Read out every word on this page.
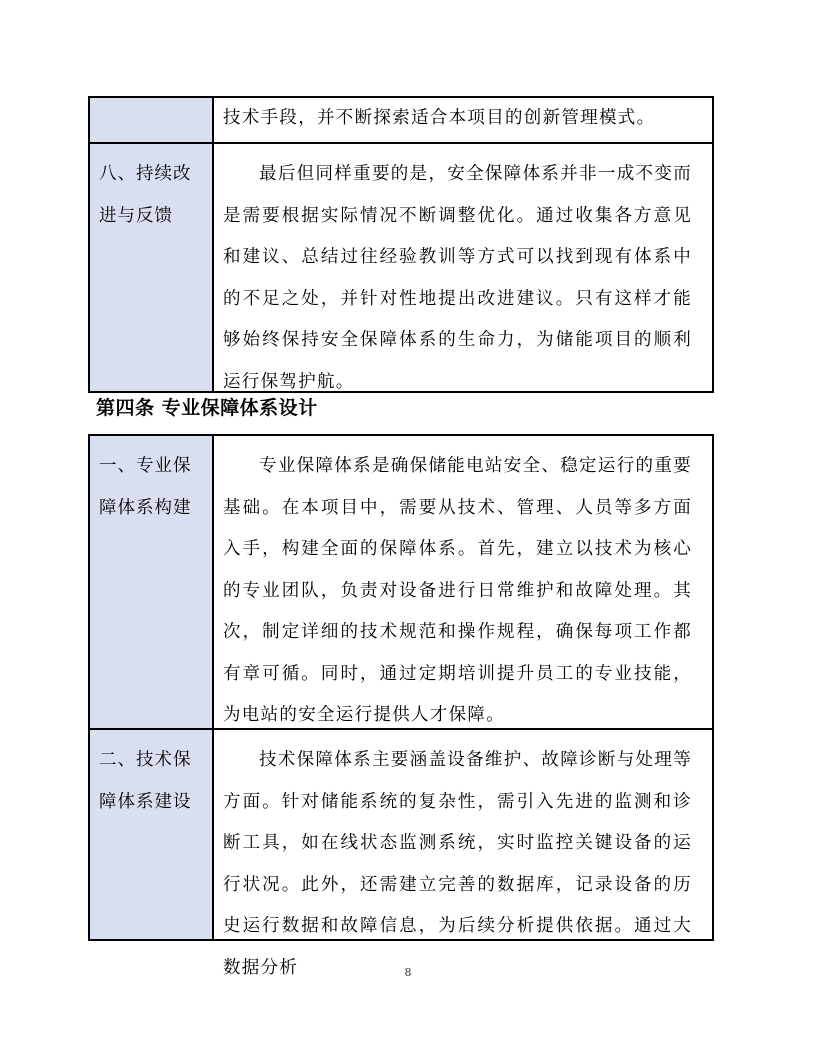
技术手段，并不断探索适合本项目的创新管理模式。
八、持续改
进与反馈
最后但同样重要的是，安全保障体系并非一成不变而是需要根据实际情况不断调整优化。通过收集各方意见和建议、总结过往经验教训等方式可以找到现有体系中的不足之处，并针对性地提出改进建议。只有这样才能够始终保持安全保障体系的生命力，为储能项目的顺利运行保驾护航。
第四条 专业保障体系设计
一、专业保
障体系构建
专业保障体系是确保储能电站安全、稳定运行的重要基础。在本项目中，需要从技术、管理、人员等多方面入手，构建全面的保障体系。首先，建立以技术为核心的专业团队，负责对设备进行日常维护和故障处理。其次，制定详细的技术规范和操作规程，确保每项工作都有章可循。同时，通过定期培训提升员工的专业技能，为电站的安全运行提供人才保障。
二、技术保
障体系建设
技术保障体系主要涵盖设备维护、故障诊断与处理等方面。针对储能系统的复杂性，需引入先进的监测和诊断工具，如在线状态监测系统，实时监控关键设备的运行状况。此外，还需建立完善的数据库，记录设备的历史运行数据和故障信息，为后续分析提供依据。通过大数据分析	8
